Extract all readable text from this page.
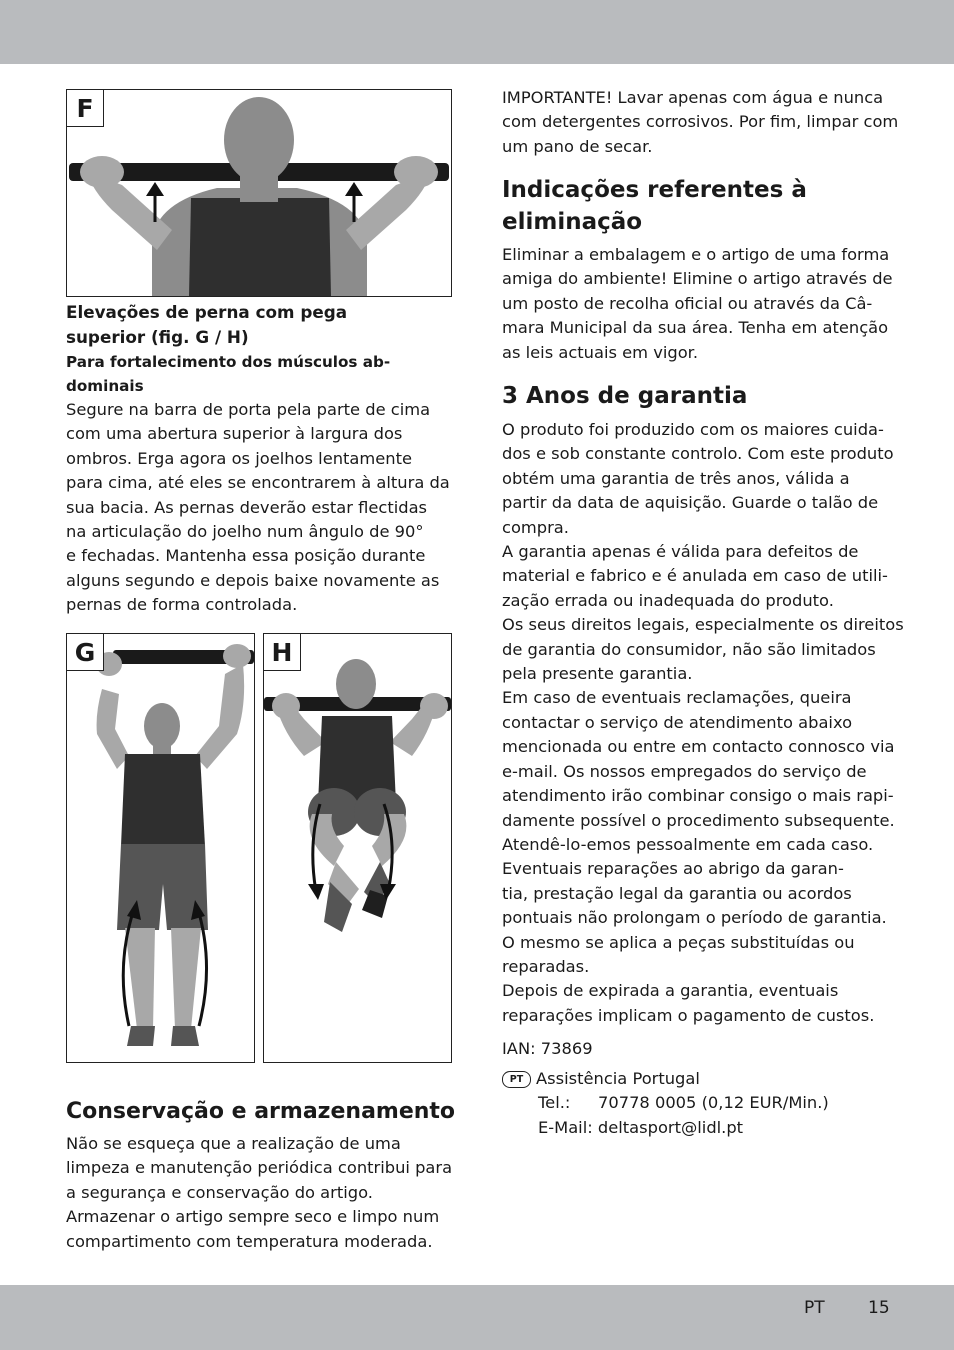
F
Elevações de perna com pega
superior (fig. G / H)
Para fortalecimento dos músculos ab-
dominais

Segure na barra de porta pela parte de cima

com uma abertura superior à largura dos

ombros. Erga agora os joelhos lentamente

para cima, até eles se encontrarem à altura da

sua bacia. As pernas deverão estar flectidas

na articulação do joelho num ângulo de 90°

e fechadas. Mantenha essa posição durante

alguns segundo e depois baixe novamente as

pernas de forma controlada.

G	H
Conservação e armazenamento

Não se esqueça que a realização de uma

limpeza e manutenção periódica contribui para

a segurança e conservação do artigo.

Armazenar o artigo sempre seco e limpo num

compartimento com temperatura moderada.

IMPORTANTE! Lavar apenas com água e nunca

com detergentes corrosivos. Por fim, limpar com

um pano de secar.

Indicações referentes à
eliminação

Eliminar a embalagem e o artigo de uma forma

amiga do ambiente! Elimine o artigo através de

um posto de recolha oficial ou através da Câ-

mara Municipal da sua área. Tenha em atenção

as leis actuais em vigor.

3 Anos de garantia

O produto foi produzido com os maiores cuida-

dos e sob constante controlo. Com este produto

obtém uma garantia de três anos, válida a

partir da data de aquisição. Guarde o talão de

compra.

A garantia apenas é válida para defeitos de

material e fabrico e é anulada em caso de utili-

zação errada ou inadequada do produto.

Os seus direitos legais, especialmente os direitos

de garantia do consumidor, não são limitados

pela presente garantia.

Em caso de eventuais reclamações, queira

contactar o serviço de atendimento abaixo

mencionada ou entre em contacto connosco via

e-mail. Os nossos empregados do serviço de

atendimento irão combinar consigo o mais rapi-

damente possível o procedimento subsequente.

Atendê-lo-emos pessoalmente em cada caso.

Eventuais reparações ao abrigo da garan-

tia, prestação legal da garantia ou acordos

pontuais não prolongam o período de garantia.

O mesmo se aplica a peças substituídas ou

reparadas.

Depois de expirada a garantia, eventuais

reparações implicam o pagamento de custos.

IAN: 73869

PT Assistência Portugal

Tel.:	70778 0005 (0,12 EUR/Min.)

E-Mail: deltasport@lidl.pt

PT	15
